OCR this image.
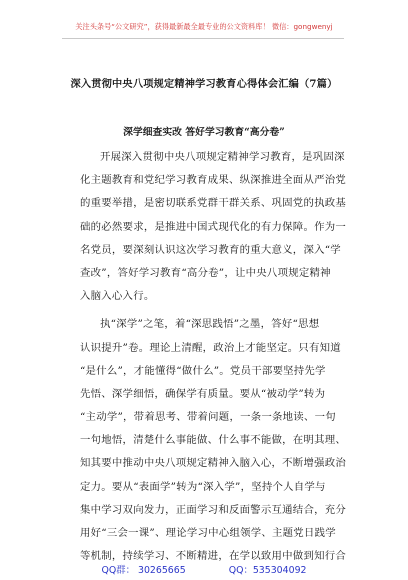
关注头条号“公文研究”，获得最新最全最专业的公文资料库！ 微信：gongwenyj
深入贯彻中央八项规定精神学习教育心得体会汇编（7篇）
深学细查实改 答好学习教育“高分卷”
开展深入贯彻中央八项规定精神学习教育，是巩固深
化主题教育和党纪学习教育成果、纵深推进全面从严治党
的重要举措，是密切联系党群干群关系、巩固党的执政基
础的必然要求，是推进中国式现代化的有力保障。作为一
名党员，要深刻认识这次学习教育的重大意义，深入“学
查改”，答好学习教育“高分卷”，让中央八项规定精神
入脑入心入行。
执“深学”之笔，着“深思践悟”之墨，答好“思想
认识提升”卷。理论上清醒，政治上才能坚定。只有知道
“是什么”，才能懂得“做什么”。党员干部要坚持先学
先悟、深学细悟，确保学有质量。要从“被动学”转为
“主动学”，带着思考、带着问题，一条一条地读、一句
一句地悟，清楚什么事能做、什么事不能做，在明其理、
知其要中推动中央八项规定精神入脑入心，不断增强政治
定力。要从“表面学”转为“深入学”，坚持个人自学与
集中学习双向发力，正面学习和反面警示互通结合，充分
用好“三会一课”、理论学习中心组领学、主题党日践学
等机制，持续学习、不断精进，在学以致用中做到知行合
QQ群： 30265665	QQ：535304092
